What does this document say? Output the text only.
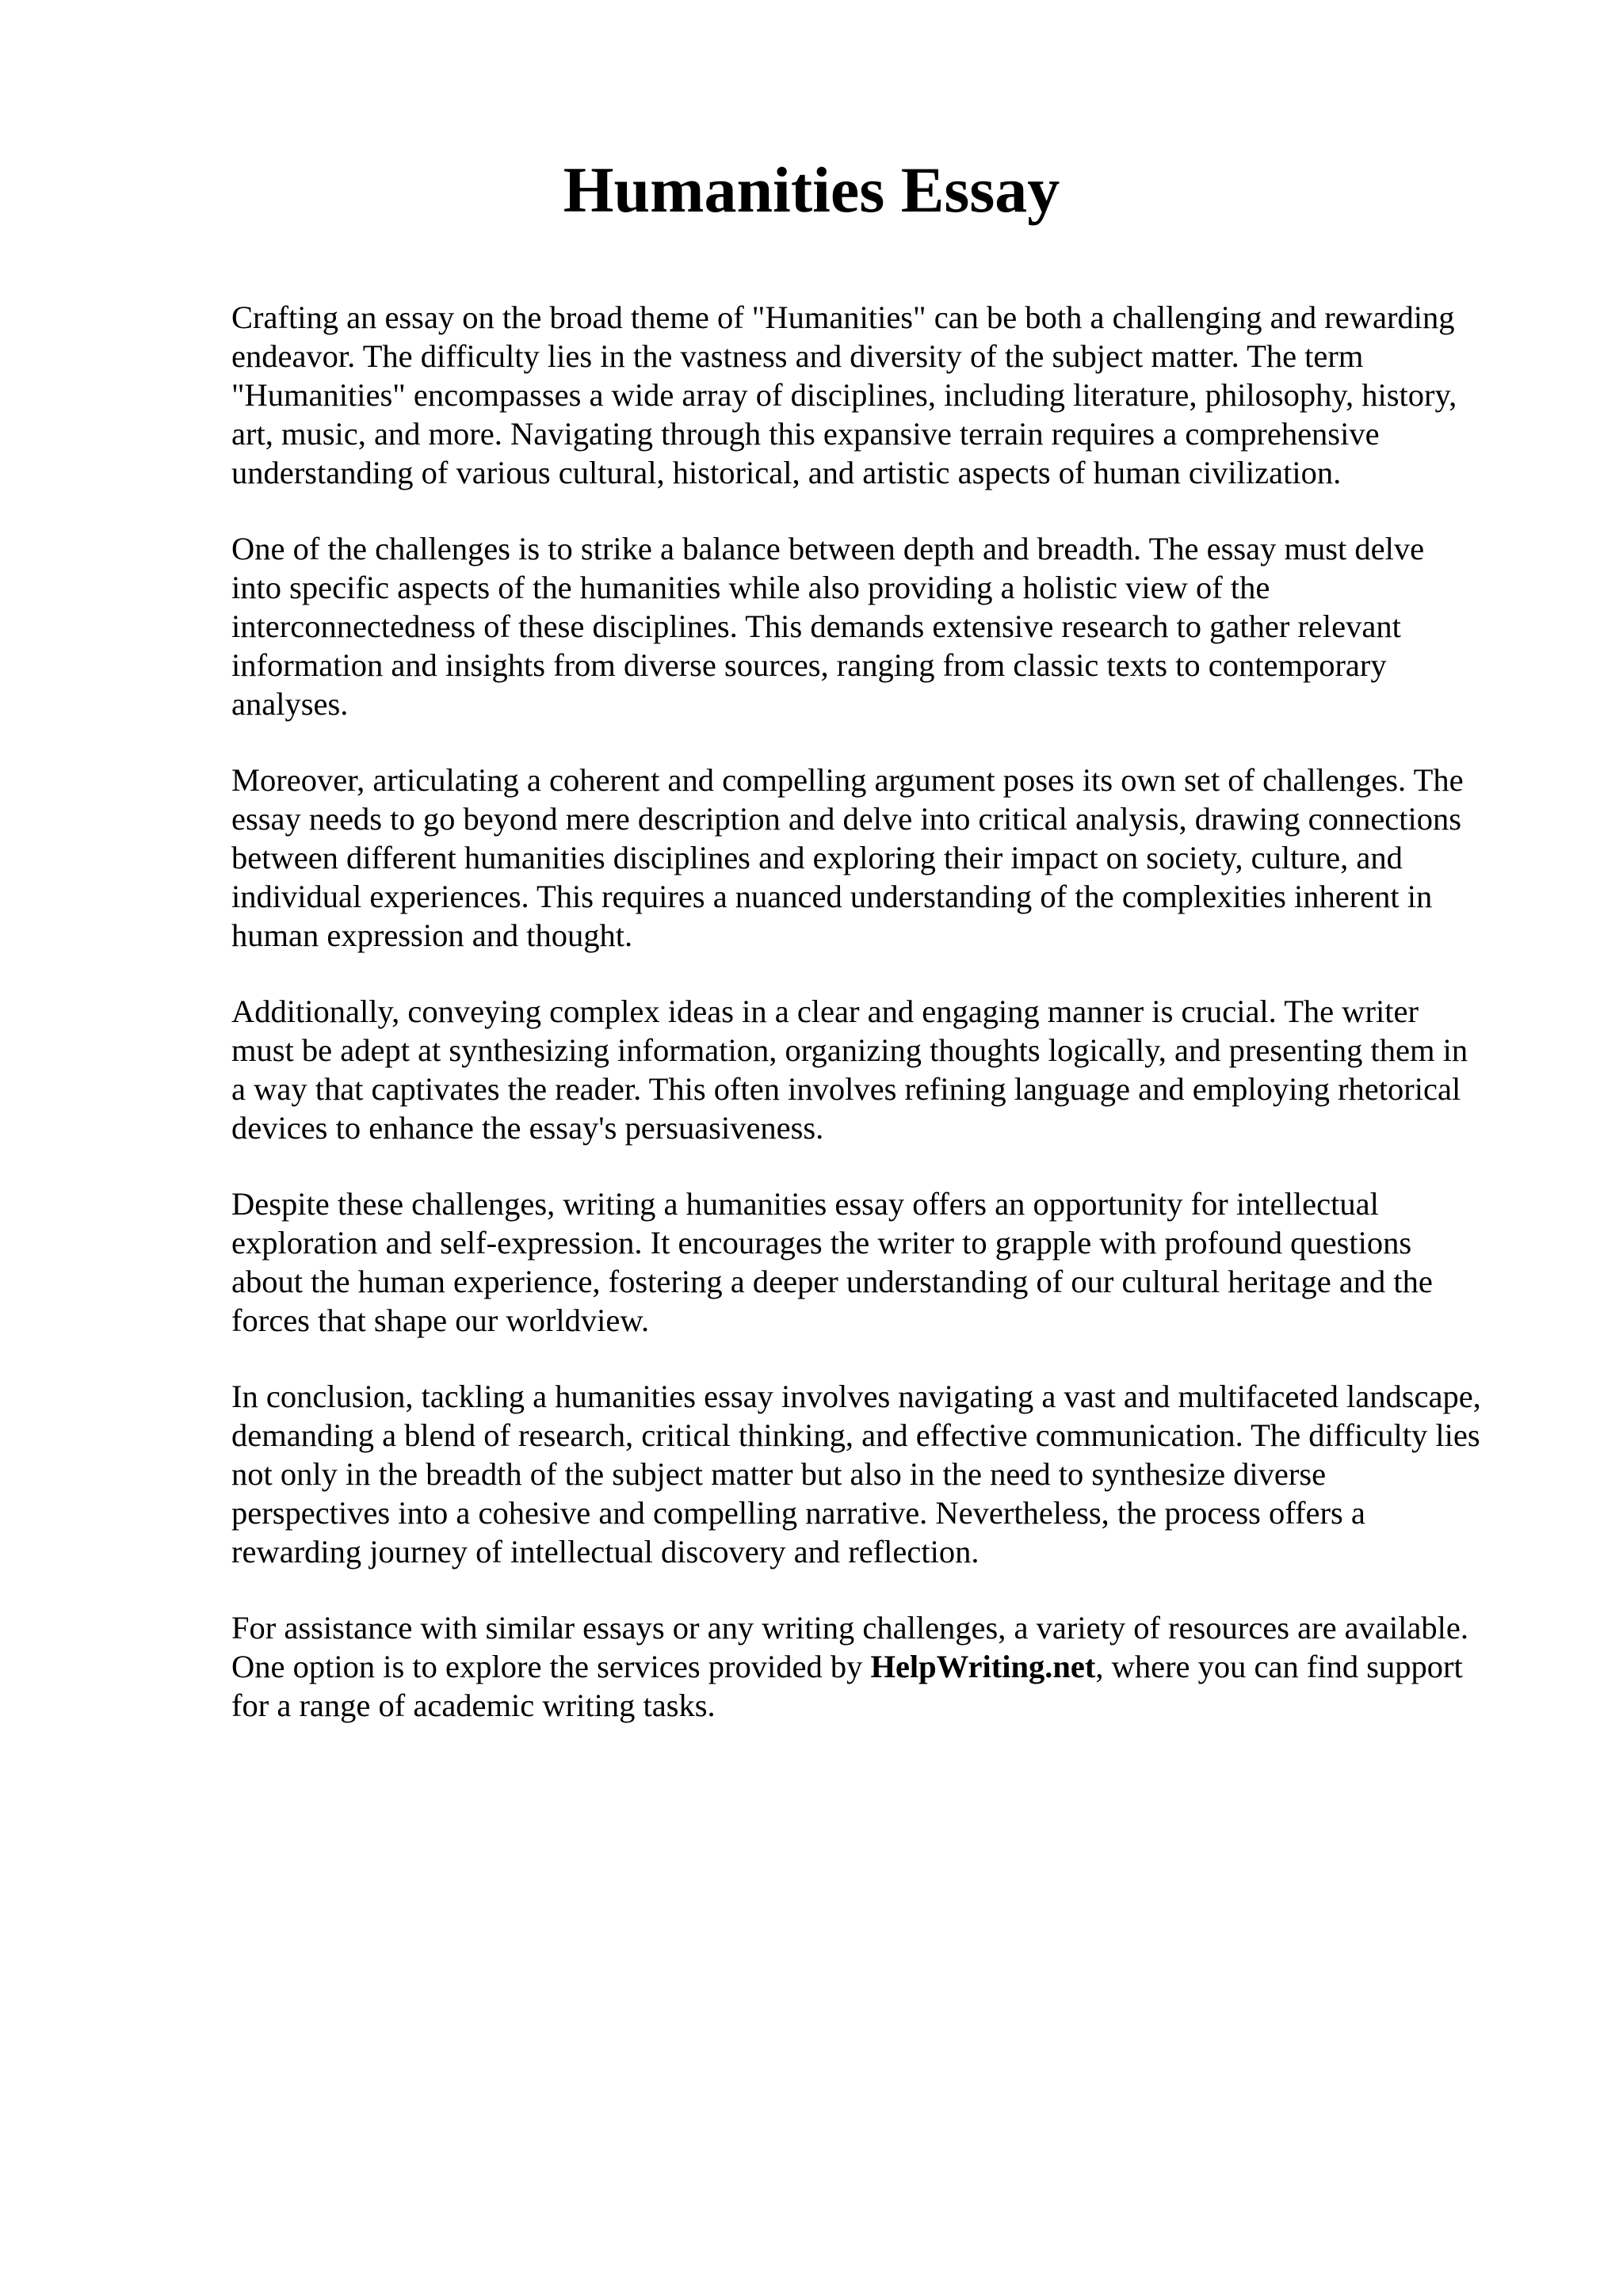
Humanities Essay

Crafting an essay on the broad theme of "Humanities" can be both a challenging and rewarding
endeavor. The difficulty lies in the vastness and diversity of the subject matter. The term
"Humanities" encompasses a wide array of disciplines, including literature, philosophy, history,
art, music, and more. Navigating through this expansive terrain requires a comprehensive
understanding of various cultural, historical, and artistic aspects of human civilization.

One of the challenges is to strike a balance between depth and breadth. The essay must delve
into specific aspects of the humanities while also providing a holistic view of the
interconnectedness of these disciplines. This demands extensive research to gather relevant
information and insights from diverse sources, ranging from classic texts to contemporary
analyses.

Moreover, articulating a coherent and compelling argument poses its own set of challenges. The
essay needs to go beyond mere description and delve into critical analysis, drawing connections
between different humanities disciplines and exploring their impact on society, culture, and
individual experiences. This requires a nuanced understanding of the complexities inherent in
human expression and thought.

Additionally, conveying complex ideas in a clear and engaging manner is crucial. The writer
must be adept at synthesizing information, organizing thoughts logically, and presenting them in
a way that captivates the reader. This often involves refining language and employing rhetorical
devices to enhance the essay's persuasiveness.

Despite these challenges, writing a humanities essay offers an opportunity for intellectual
exploration and self-expression. It encourages the writer to grapple with profound questions
about the human experience, fostering a deeper understanding of our cultural heritage and the
forces that shape our worldview.

In conclusion, tackling a humanities essay involves navigating a vast and multifaceted landscape,
demanding a blend of research, critical thinking, and effective communication. The difficulty lies
not only in the breadth of the subject matter but also in the need to synthesize diverse
perspectives into a cohesive and compelling narrative. Nevertheless, the process offers a
rewarding journey of intellectual discovery and reflection.

For assistance with similar essays or any writing challenges, a variety of resources are available.
One option is to explore the services provided by HelpWriting.net, where you can find support
for a range of academic writing tasks.
